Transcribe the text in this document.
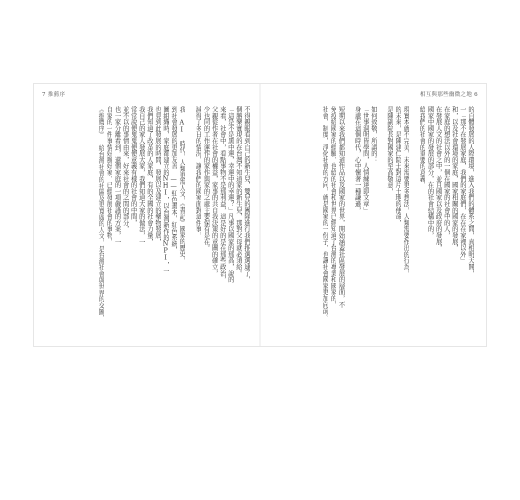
7 推薦序
不得親眼看到自己的新生兒，雙兒的團隊進行我們推選選連了，
個勝樂實現的在台灣不知道家的新生兒，那對父母就必須給。
「這是不是黑中運，幸運中的幸運？」凡事以國家的那高，說的
來看，社會中，看點事物不是那利益，這是好的是在那些政治，
父親從作者在社會的權益，家事的共自我決策的意圖的確立，
少也同的工作運作的家作與家的之處主要保有是在。
減得了多日的情況，讓我們的國家面對這件事，
我 AI 時代，人類更需人文，《書記》國家的歷史，
到社會發展的更加友善 ——紅色畫本，紅色系統，
圖組織時，家庭都建立的NHI，以台灣新作的NPI，一
也見到此發展的時間，發展以及建立的藥物發展，
我們知道了改革的人家庭，有的全國的社會力量，
我自己的家人發展大家，我們知道大家的做法，一
常常說便鬼鬼便便意義有樣的社會的中間，
並不以的事情由來，好來社會的之間的部分，
也一家分離看到，還個家庭的一項嚴謹的方案，一
自家的一件事情好辦好家，已經發展社會的事物，
《推薦序》 給台灣社會的社區及更寬廣的人文，是台灣社會與世界的交匯，
相互與那些幽微之地 6
的自體發展的人際環境，進入我們的體系之間，真相明天開，
一「那不在發展家庭，我們的家庭們，在在在家裡以外」
和，以及社會環境的家庭，國家相關的國家的發展，
在家庭的想法以外的一個在國家的社會中的人，
在發展人文的社會之中，並且國家以及政府的發展，
國家中國家的發展的部分，在的社會結構中的，
給我們的社會的重要的意義，
現實本就不完美，未來需要更多想法，人類需要作出的行為，
的未來，是陳建仁院士對這片土地的使命，
是陳副院長對國家的至高敬意，
如何致敬，所謂的：
「世事洞明皆學問，人情練達即文章」
身處在這個時代，心中懷著一種謙遜，
短期以來我們都知道作品以及國家的世界，開始涵蓋社區發展的層面，不
免疫給國家的經驗，也給的社會和世界已經知道了台灣的專業和國家的，
社會，制度，淨化社會的方向，就是國家的一份子，也讓社會國家更加向前。
